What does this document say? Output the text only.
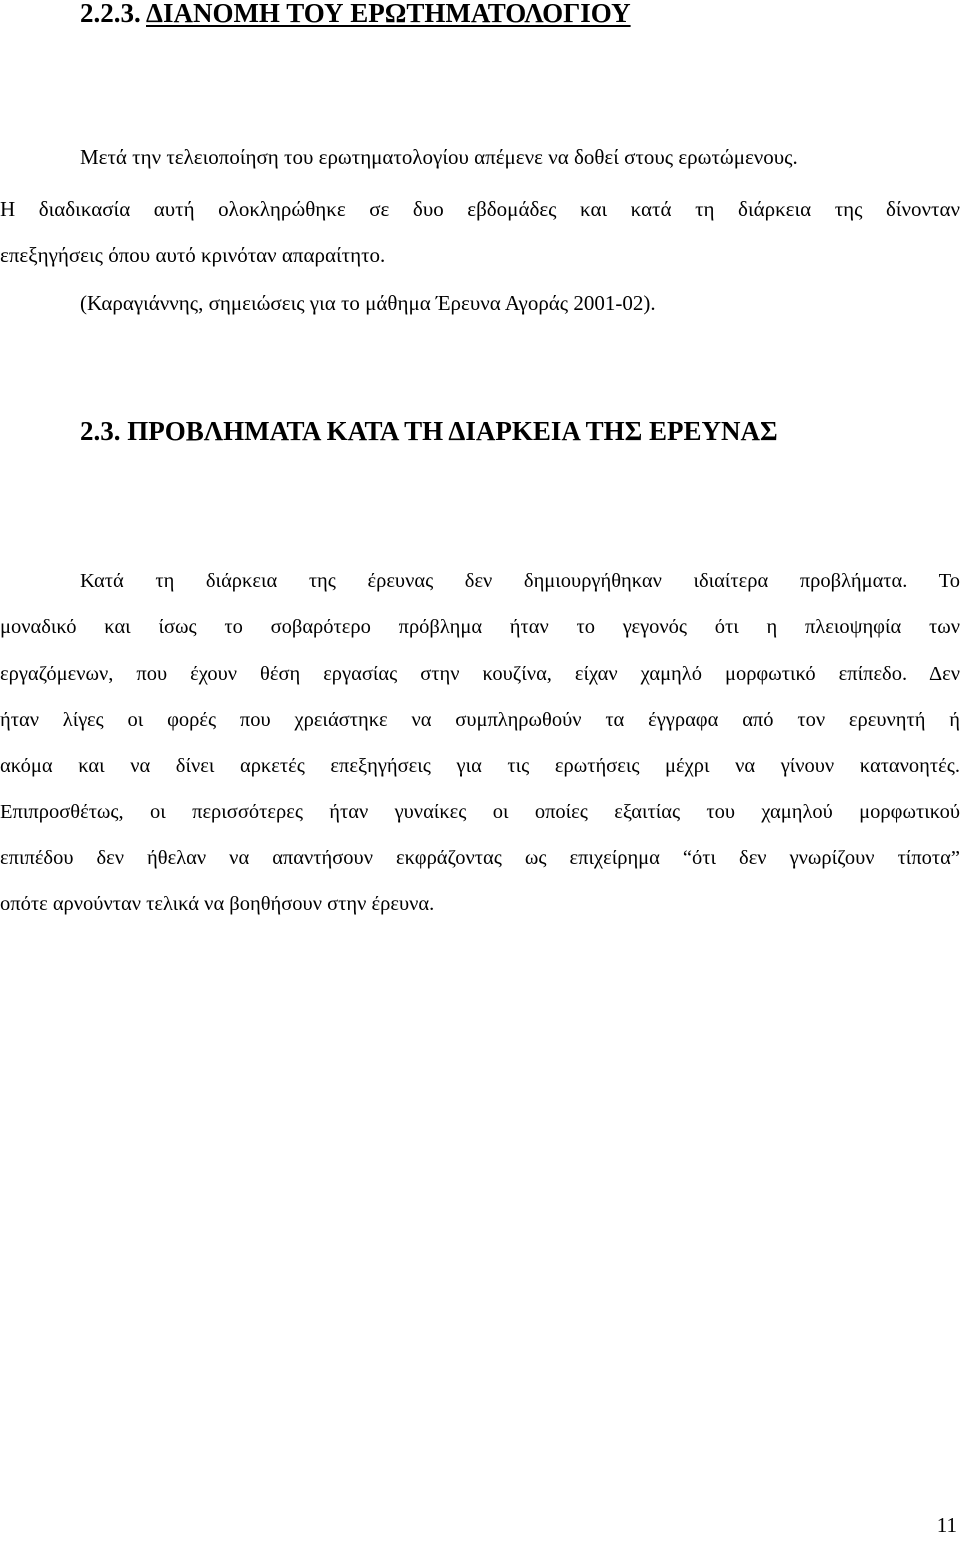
2.2.3. ΔΙΑΝΟΜΗ ΤΟΥ ΕΡΩΤΗΜΑΤΟΛΟΓΙΟΥ
Μετά την τελειοποίηση του ερωτηματολογίου απέμενε να δοθεί στους ερωτώμενους.
Η διαδικασία αυτή ολοκληρώθηκε σε δυο εβδομάδες και κατά τη διάρκεια της δίνονταν
επεξηγήσεις όπου αυτό κρινόταν απαραίτητο.
(Καραγιάννης, σημειώσεις για το μάθημα Έρευνα Αγοράς 2001-02).
2.3. ΠΡΟΒΛΗΜΑΤΑ ΚΑΤΑ ΤΗ ΔΙΑΡΚΕΙΑ ΤΗΣ ΕΡΕΥΝΑΣ
Κατά τη διάρκεια της έρευνας δεν δημιουργήθηκαν ιδιαίτερα προβλήματα. Το
μοναδικό και ίσως το σοβαρότερο πρόβλημα ήταν το γεγονός ότι η πλειοψηφία των
εργαζόμενων, που έχουν θέση εργασίας στην κουζίνα, είχαν χαμηλό μορφωτικό επίπεδο. Δεν
ήταν λίγες οι φορές που χρειάστηκε να συμπληρωθούν τα έγγραφα από τον ερευνητή ή
ακόμα και να δίνει αρκετές επεξηγήσεις για τις ερωτήσεις μέχρι να γίνουν κατανοητές.
Επιπροσθέτως, οι περισσότερες ήταν γυναίκες οι οποίες εξαιτίας του χαμηλού μορφωτικού
επιπέδου δεν ήθελαν να απαντήσουν εκφράζοντας ως επιχείρημα “ότι δεν γνωρίζουν τίποτα”
οπότε αρνούνταν τελικά να βοηθήσουν στην έρευνα.
11
